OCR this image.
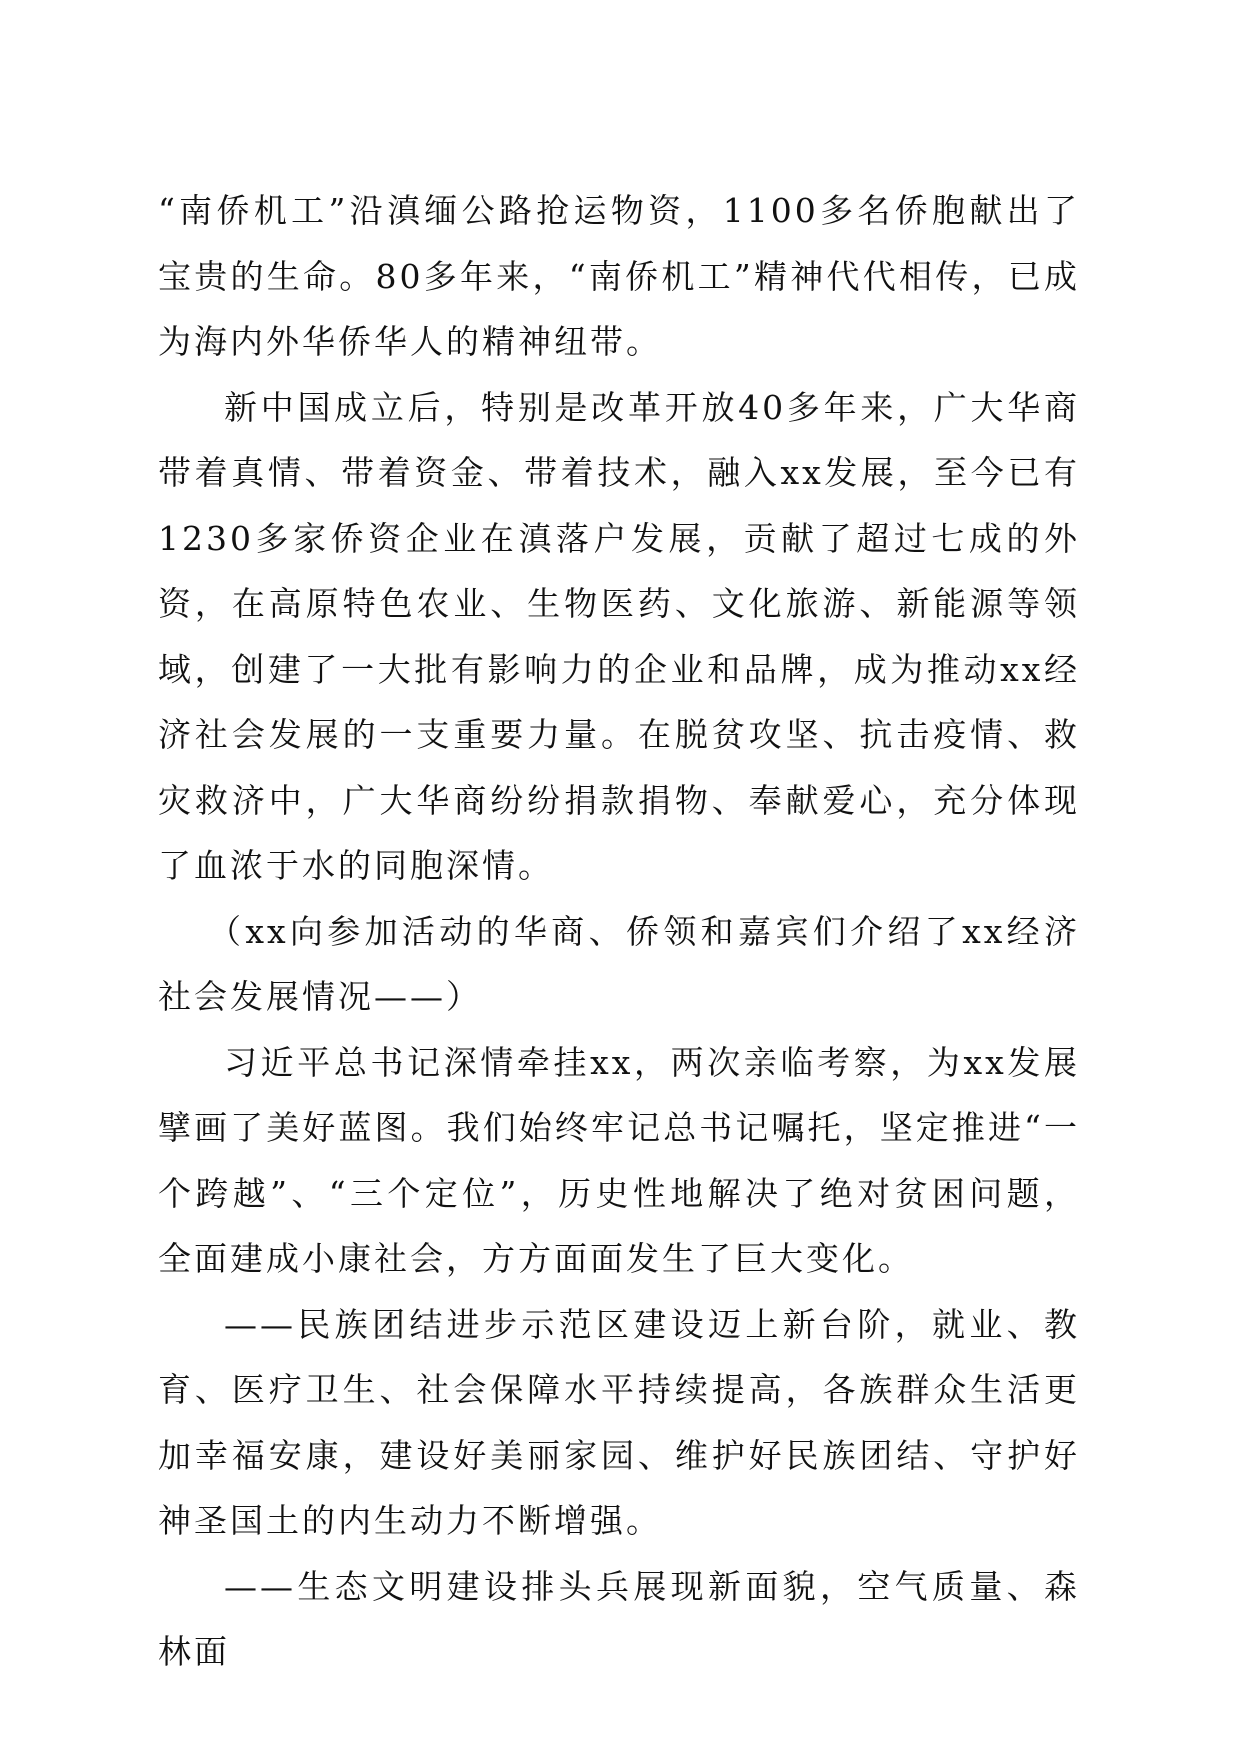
“南侨机工”沿滇缅公路抢运物资，1100多名侨胞献出了宝贵的生命。80多年来，“南侨机工”精神代代相传，已成为海内外华侨华人的精神纽带。

新中国成立后，特别是改革开放40多年来，广大华商带着真情、带着资金、带着技术，融入xx发展，至今已有1230多家侨资企业在滇落户发展，贡献了超过七成的外资，在高原特色农业、生物医药、文化旅游、新能源等领域，创建了一大批有影响力的企业和品牌，成为推动xx经济社会发展的一支重要力量。在脱贫攻坚、抗击疫情、救灾救济中，广大华商纷纷捐款捐物、奉献爱心，充分体现了血浓于水的同胞深情。

（xx向参加活动的华商、侨领和嘉宾们介绍了xx经济社会发展情况——）

习近平总书记深情牵挂xx，两次亲临考察，为xx发展擘画了美好蓝图。我们始终牢记总书记嘱托，坚定推进“一个跨越”、“三个定位”，历史性地解决了绝对贫困问题，全面建成小康社会，方方面面发生了巨大变化。

——民族团结进步示范区建设迈上新台阶，就业、教育、医疗卫生、社会保障水平持续提高，各族群众生活更加幸福安康，建设好美丽家园、维护好民族团结、守护好神圣国土的内生动力不断增强。

——生态文明建设排头兵展现新面貌，空气质量、森林面
